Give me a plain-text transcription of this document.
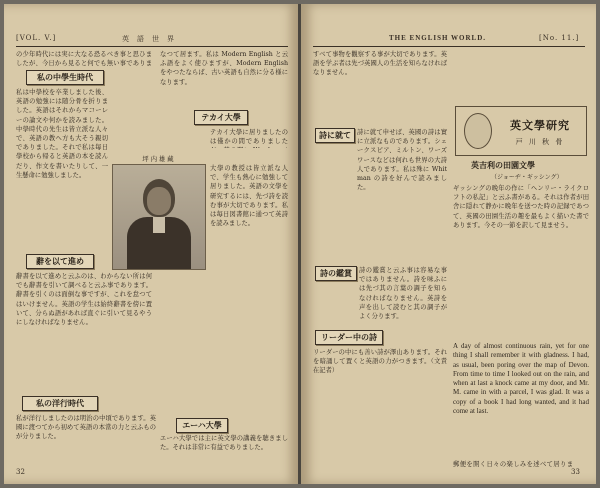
[VOL. V.]	英語世界
の少年時代には実に大なる恐るべき事と思ひましたが、今日から見ると何でも無い事でありま
私の中學生時代
私は中學校を卒業しました後、英語の勉強には随分骨を折りました。英語はそれからマコーレーの論文や何かを読みました。中學時代の先生は皆立派な人々で、英語の教へ方も大そう親切でありました。それで私は毎日學校から帰ると英語の本を読んだり、作文を書いたりして、一生懸命に勉強しました。
辭を以て進め
辭書を以て進めと云ふのは、わからない所は何でも辭書を引いて調べると云ふ事であります。辭書を引くのは面倒な事ですが、これを怠つてはいけません。英語の学生は始終辭書を傍に置いて、分らぬ語があれば直ぐに引いて見るやうにしなければなりません。
私の洋行時代
私が洋行しましたのは明治の中頃であります。英國に渡つてから初めて英語の本當の力と云ふものが分りました。
なつて居ます。私は Modern English と云ふ語をよく使ひますが、Modern English をやつたならば、古い英語も自然に分る様になります。
テカイ大學
テカイ大學に居りましたのは僅かの間でありました
坪 内 雄 藏
大學の教授は皆立派な人で、学生も熱心に勉強して居りました。英語の文學を研究するには、先づ詩を読む事が大切であります。私は毎日図書館に通つて英詩を読みました。
エーハ大學
エーハ大學では主に英文學の講義を聴きました。それは非常に有益でありました。
32
THE ENGLISH WORLD.	[No. 11.]
すべて事物を觀察する事が大切であります。英語を学ぶ者は先づ英國人の生活を知らなければなりません。
詩に就て 詩に就て申せば、英國の詩は實に立派なものであります。シェークスピア、ミルトン、ワーズワースなどは何れも世界の大詩人であります。私は殊に Whitman の詩を好んで読みました。
詩の鑑賞	詩の鑑賞と云ふ事は容易な事ではありません。詩を味ふには先づ其の言葉の調子を知らなければなりません。英詩を声を出して読むと其の調子がよく分ります。
リーダー中の詩
リーダーの中にも善い詩が澤山あります。それを暗誦して置くと英語の力がつきます。（文責在記者）
英文學研究
戸 川 秋 骨
英吉利の田園文學
（ジョーヂ・ギッシング）
ギッシングの晩年の作に「ヘンリー・ライクロフトの私記」と云ふ書がある。それは作者が田舎に隠れて静かに晩年を送つた時の記録であつて、英國の田園生活の趣を最もよく描いた書であります。今その一節を訳して見ませう。
A day of almost continuous rain, yet for one thing I shall remember it with gladness. I had, as usual, been poring over the map of Devon. From time to time I looked out on the rain, and when at last a knock came at my door, and Mr. M. came in with a parcel, I was glad. It was a copy of a book I had long wanted, and it had come at last.
郵便を開く日々の楽しみを述べて居りま
33
